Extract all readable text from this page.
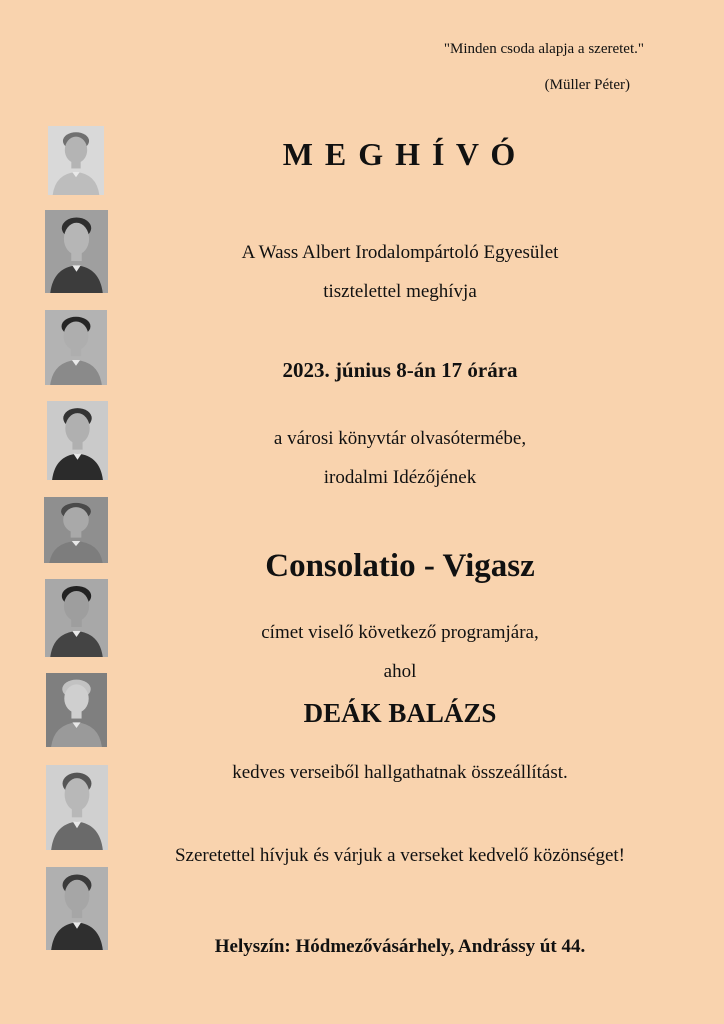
"Minden csoda alapja a szeretet."
(Müller Péter)
M E G H Í V Ó
A Wass Albert Irodalompártoló Egyesület
tisztelettel meghívja
2023. június 8-án 17 órára
a városi könyvtár olvasótermébe,
irodalmi Idézőjének
Consolatio - Vigasz
címet viselő következő programjára,
ahol
DEÁK BALÁZS
kedves verseiből hallgathatnak összeállítást.
Szeretettel hívjuk és várjuk a verseket kedvelő közönséget!
Helyszín: Hódmezővásárhely, Andrássy út 44.
